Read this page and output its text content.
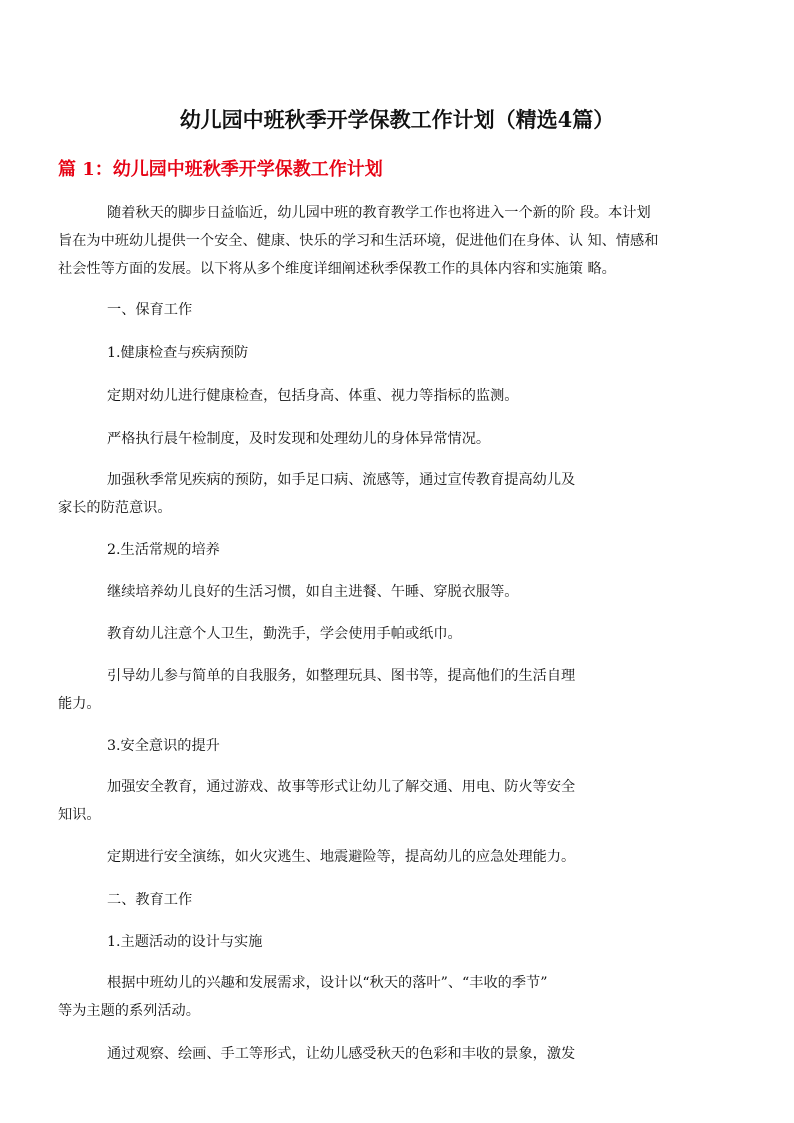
幼儿园中班秋季开学保教工作计划（精选4篇）
篇 1：幼儿园中班秋季开学保教工作计划
随着秋天的脚步日益临近，幼儿园中班的教育教学工作也将进入一个新的阶 段。本计划
旨在为中班幼儿提供一个安全、健康、快乐的学习和生活环境，促进他们在身体、认 知、情感和
社会性等方面的发展。以下将从多个维度详细阐述秋季保教工作的具体内容和实施策 略。
一、保育工作
1.健康检查与疾病预防
定期对幼儿进行健康检查，包括身高、体重、视力等指标的监测。
严格执行晨午检制度，及时发现和处理幼儿的身体异常情况。
加强秋季常见疾病的预防，如手足口病、流感等，通过宣传教育提高幼儿及
家长的防范意识。
2.生活常规的培养
继续培养幼儿良好的生活习惯，如自主进餐、午睡、穿脱衣服等。
教育幼儿注意个人卫生，勤洗手，学会使用手帕或纸巾。
引导幼儿参与简单的自我服务，如整理玩具、图书等，提高他们的生活自理
能力。
3.安全意识的提升
加强安全教育，通过游戏、故事等形式让幼儿了解交通、用电、防火等安全
知识。
定期进行安全演练，如火灾逃生、地震避险等，提高幼儿的应急处理能力。
二、教育工作
1.主题活动的设计与实施
根据中班幼儿的兴趣和发展需求，设计以“秋天的落叶”、“丰收的季节”
等为主题的系列活动。
通过观察、绘画、手工等形式，让幼儿感受秋天的色彩和丰收的景象，激发
